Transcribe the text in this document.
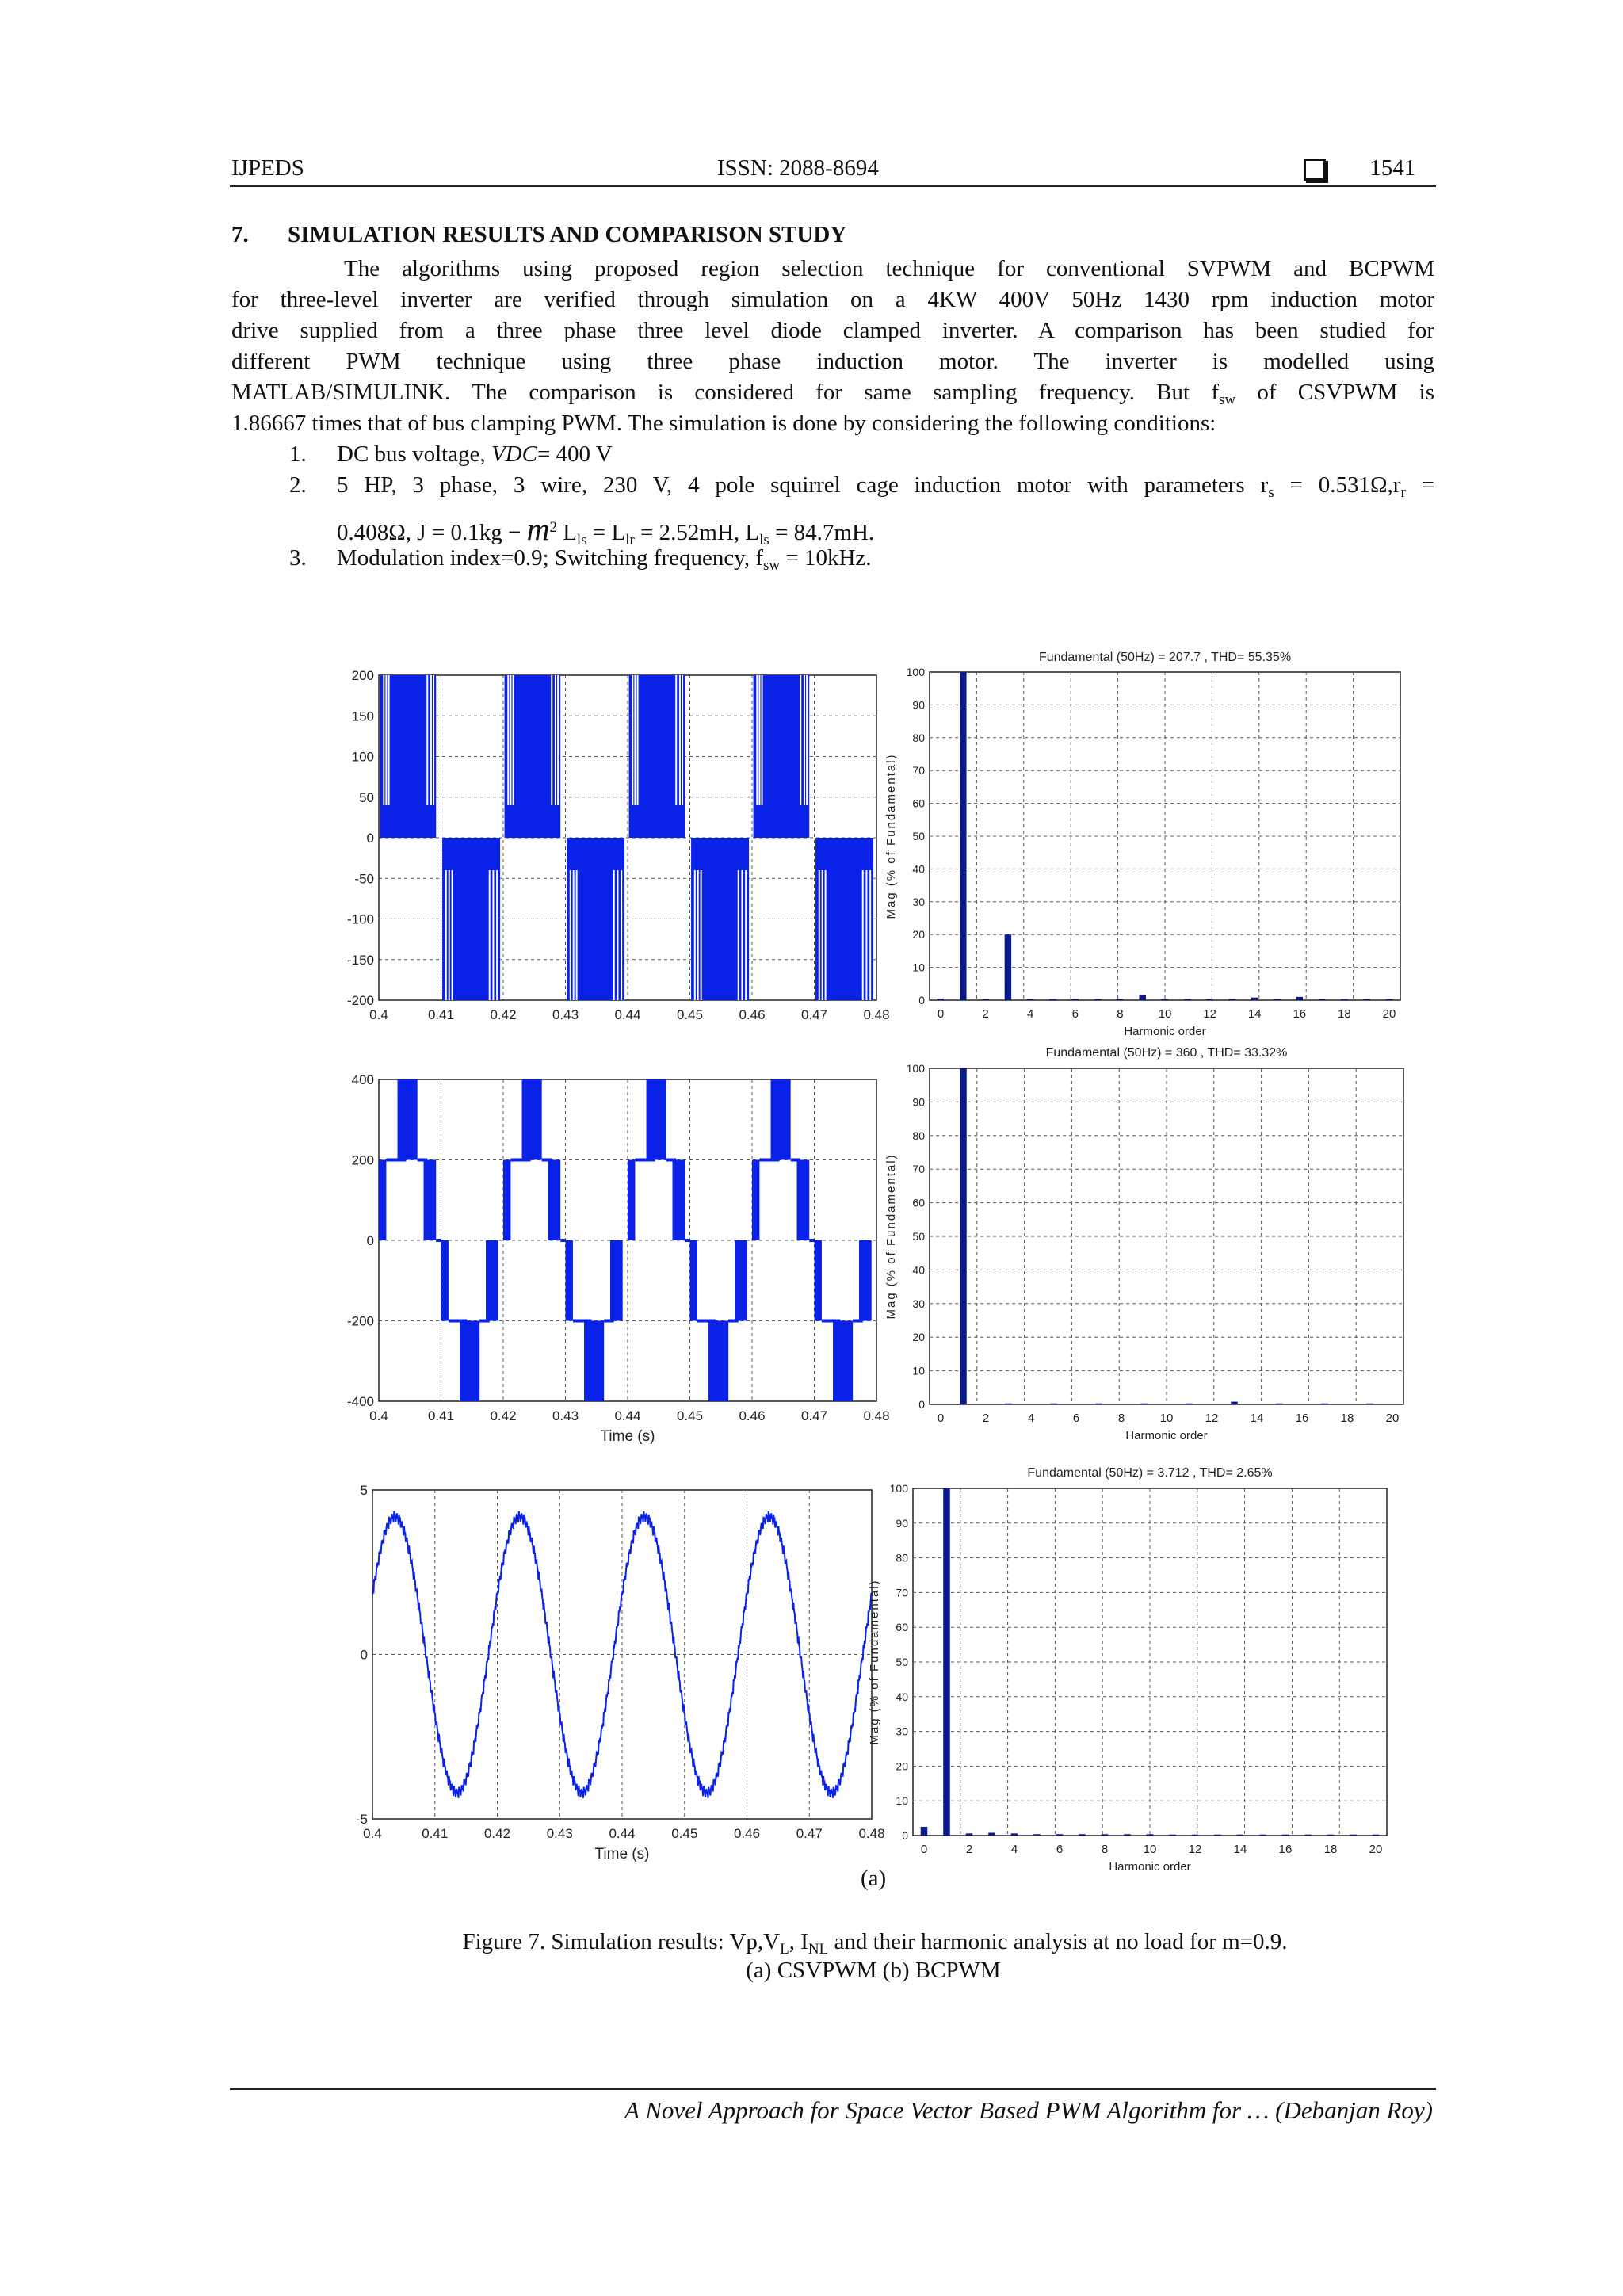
IJPEDS	ISSN: 2088-8694	1541
7. SIMULATION RESULTS AND COMPARISON STUDY
The algorithms using proposed region selection technique for conventional SVPWM and BCPWM
for three-level inverter are verified through simulation on a 4KW 400V 50Hz 1430 rpm induction motor
drive supplied from a three phase three level diode clamped inverter. A comparison has been studied for
different PWM technique using three phase induction motor. The inverter is modelled using
MATLAB/SIMULINK. The comparison is considered for same sampling frequency. But $f_{sw}$ of CSVPWM is
1.86667 times that of bus clamping PWM. The simulation is done by considering the following conditions:
1. DC bus voltage, VDC= 400 V
2. 5 HP, 3 phase, 3 wire, 230 V, 4 pole squirrel cage induction motor with parameters $r_s = 0.531\Omega,r_r$ =
0.408Ω, $J = 0.1kg - m^2$ $L_{ls} = L_{lr} = 2.52mH$, $L_{ls} = 84.7mH$.
3. Modulation index=0.9; Switching frequency, $f_{sw} = 10kHz$.
200
150
100
50
0
-50
-100
-150
-200
0.4	0.41	0.42	0.43	0.44	0.45	0.46	0.47	0.48
400
200
0
-200
-400
0.4	0.41	0.42	0.43	0.44	0.45	0.46	0.47	0.48
Time (s)
5
0
-5
0.4	0.41	0.42	0.43	0.44	0.45	0.46	0.47	0.48
Time (s)
Fundamental (50Hz) = 207.7 , THD= 55.35%
100
90
80
70
60
50
40
30
20
10
0
0	2	4	6	8	10	12	14	16	18	20
Harmonic order
Mag (% of Fundamental)
Fundamental (50Hz) = 360 , THD= 33.32%
100
90
80
70
60
50
40
30
20
10
0
0	2	4	6	8	10	12	14	16	18	20
Harmonic order
Mag (% of Fundamental)
Fundamental (50Hz) = 3.712 , THD= 2.65%
100
90
80
70
60
50
40
30
20
10
0
0	2	4	6	8	10	12	14	16	18	20
Harmonic order
Mag (% of Fundamental)
(a)
Figure 7. Simulation results: $Vp,V_L$, $I_{NL}$ and their harmonic analysis at no load for m=0.9.
(a) CSVPWM (b) BCPWM
A Novel Approach for Space Vector Based PWM Algorithm for … (Debanjan Roy)
